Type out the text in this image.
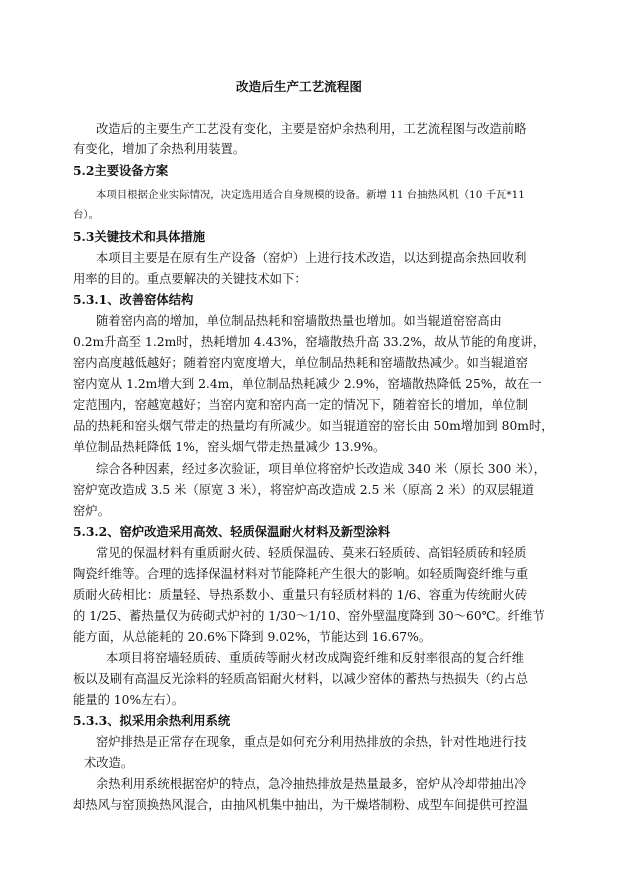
改造后生产工艺流程图
改造后的主要生产工艺没有变化，主要是窑炉余热利用，工艺流程图与改造前略
有变化，增加了余热利用装置。
5.2主要设备方案
本项目根据企业实际情况，决定选用适合自身规模的设备。新增 11 台抽热风机（10 千瓦*11
台）。
5.3关键技术和具体措施
本项目主要是在原有生产设备（窑炉）上进行技术改造，以达到提高余热回收利
用率的目的。重点要解决的关键技术如下：
5.3.1、改善窑体结构
随着窑内高的增加，单位制品热耗和窑墙散热量也增加。如当辊道窑窑高由
0.2m升高至 1.2m时，热耗增加 4.43%，窑墙散热升高 33.2%，故从节能的角度讲，
窑内高度越低越好；随着窑内宽度增大，单位制品热耗和窑墙散热减少。如当辊道窑
窑内宽从 1.2m增大到 2.4m，单位制品热耗减少 2.9%，窑墙散热降低 25%，故在一
定范围内，窑越宽越好；当窑内宽和窑内高一定的情况下，随着窑长的增加，单位制
品的热耗和窑头烟气带走的热量均有所减少。如当辊道窑的窑长由 50m增加到 80m时，
单位制品热耗降低 1%，窑头烟气带走热量减少 13.9%。
综合各种因素，经过多次验证，项目单位将窑炉长改造成 340 米（原长 300 米），
窑炉宽改造成 3.5 米（原宽 3 米），将窑炉高改造成 2.5 米（原高 2 米）的双层辊道
窑炉。
5.3.2、窑炉改造采用高效、轻质保温耐火材料及新型涂料
常见的保温材料有重质耐火砖、轻质保温砖、莫来石轻质砖、高铝轻质砖和轻质
陶瓷纤维等。合理的选择保温材料对节能降耗产生很大的影响。如轻质陶瓷纤维与重
质耐火砖相比：质量轻、导热系数小、重量只有轻质材料的 1/6、容重为传统耐火砖
的 1/25、蓄热量仅为砖砌式炉衬的 1/30～1/10、窑外壁温度降到 30～60℃。纤维节
能方面，从总能耗的 20.6%下降到 9.02%，节能达到 16.67%。
本项目将窑墙轻质砖、重质砖等耐火材改成陶瓷纤维和反射率很高的复合纤维
板以及刷有高温反光涂料的轻质高铝耐火材料，以减少窑体的蓄热与热损失（约占总
能量的 10%左右）。
5.3.3、拟采用余热利用系统
窑炉排热是正常存在现象，重点是如何充分利用热排放的余热，针对性地进行技
术改造。
余热利用系统根据窑炉的特点，急冷抽热排放是热量最多，窑炉从冷却带抽出冷
却热风与窑顶换热风混合，由抽风机集中抽出，为干燥塔制粉、成型车间提供可控温
